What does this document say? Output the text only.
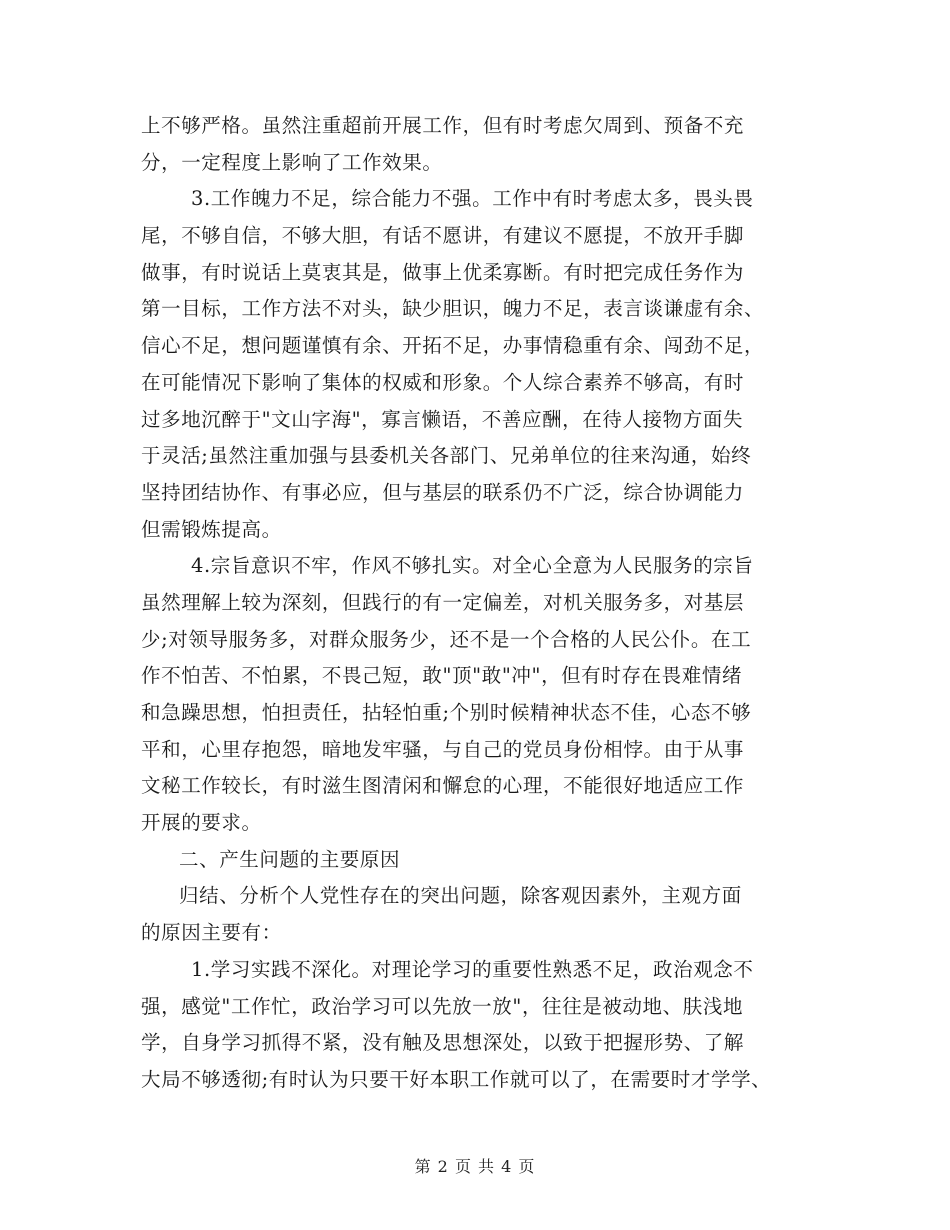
上不够严格。虽然注重超前开展工作，但有时考虑欠周到、预备不充
分，一定程度上影响了工作效果。
3.工作魄力不足，综合能力不强。工作中有时考虑太多，畏头畏
尾，不够自信，不够大胆，有话不愿讲，有建议不愿提，不放开手脚
做事，有时说话上莫衷其是，做事上优柔寡断。有时把完成任务作为
第一目标，工作方法不对头，缺少胆识，魄力不足，表言谈谦虚有余、
信心不足，想问题谨慎有余、开拓不足，办事情稳重有余、闯劲不足，
在可能情况下影响了集体的权威和形象。个人综合素养不够高，有时
过多地沉醉于"文山字海"，寡言懒语，不善应酬，在待人接物方面失
于灵活;虽然注重加强与县委机关各部门、兄弟单位的往来沟通，始终
坚持团结协作、有事必应，但与基层的联系仍不广泛，综合协调能力
但需锻炼提高。
4.宗旨意识不牢，作风不够扎实。对全心全意为人民服务的宗旨
虽然理解上较为深刻，但践行的有一定偏差，对机关服务多，对基层
少;对领导服务多，对群众服务少，还不是一个合格的人民公仆。在工
作不怕苦、不怕累，不畏己短，敢"顶"敢"冲"，但有时存在畏难情绪
和急躁思想，怕担责任，拈轻怕重;个别时候精神状态不佳，心态不够
平和，心里存抱怨，暗地发牢骚，与自己的党员身份相悖。由于从事
文秘工作较长，有时滋生图清闲和懈怠的心理，不能很好地适应工作
开展的要求。
二、产生问题的主要原因
归结、分析个人党性存在的突出问题，除客观因素外，主观方面
的原因主要有：
1.学习实践不深化。对理论学习的重要性熟悉不足，政治观念不
强，感觉"工作忙，政治学习可以先放一放"，往往是被动地、肤浅地
学，自身学习抓得不紧，没有触及思想深处，以致于把握形势、了解
大局不够透彻;有时认为只要干好本职工作就可以了，在需要时才学学、
第 2 页 共 4 页
